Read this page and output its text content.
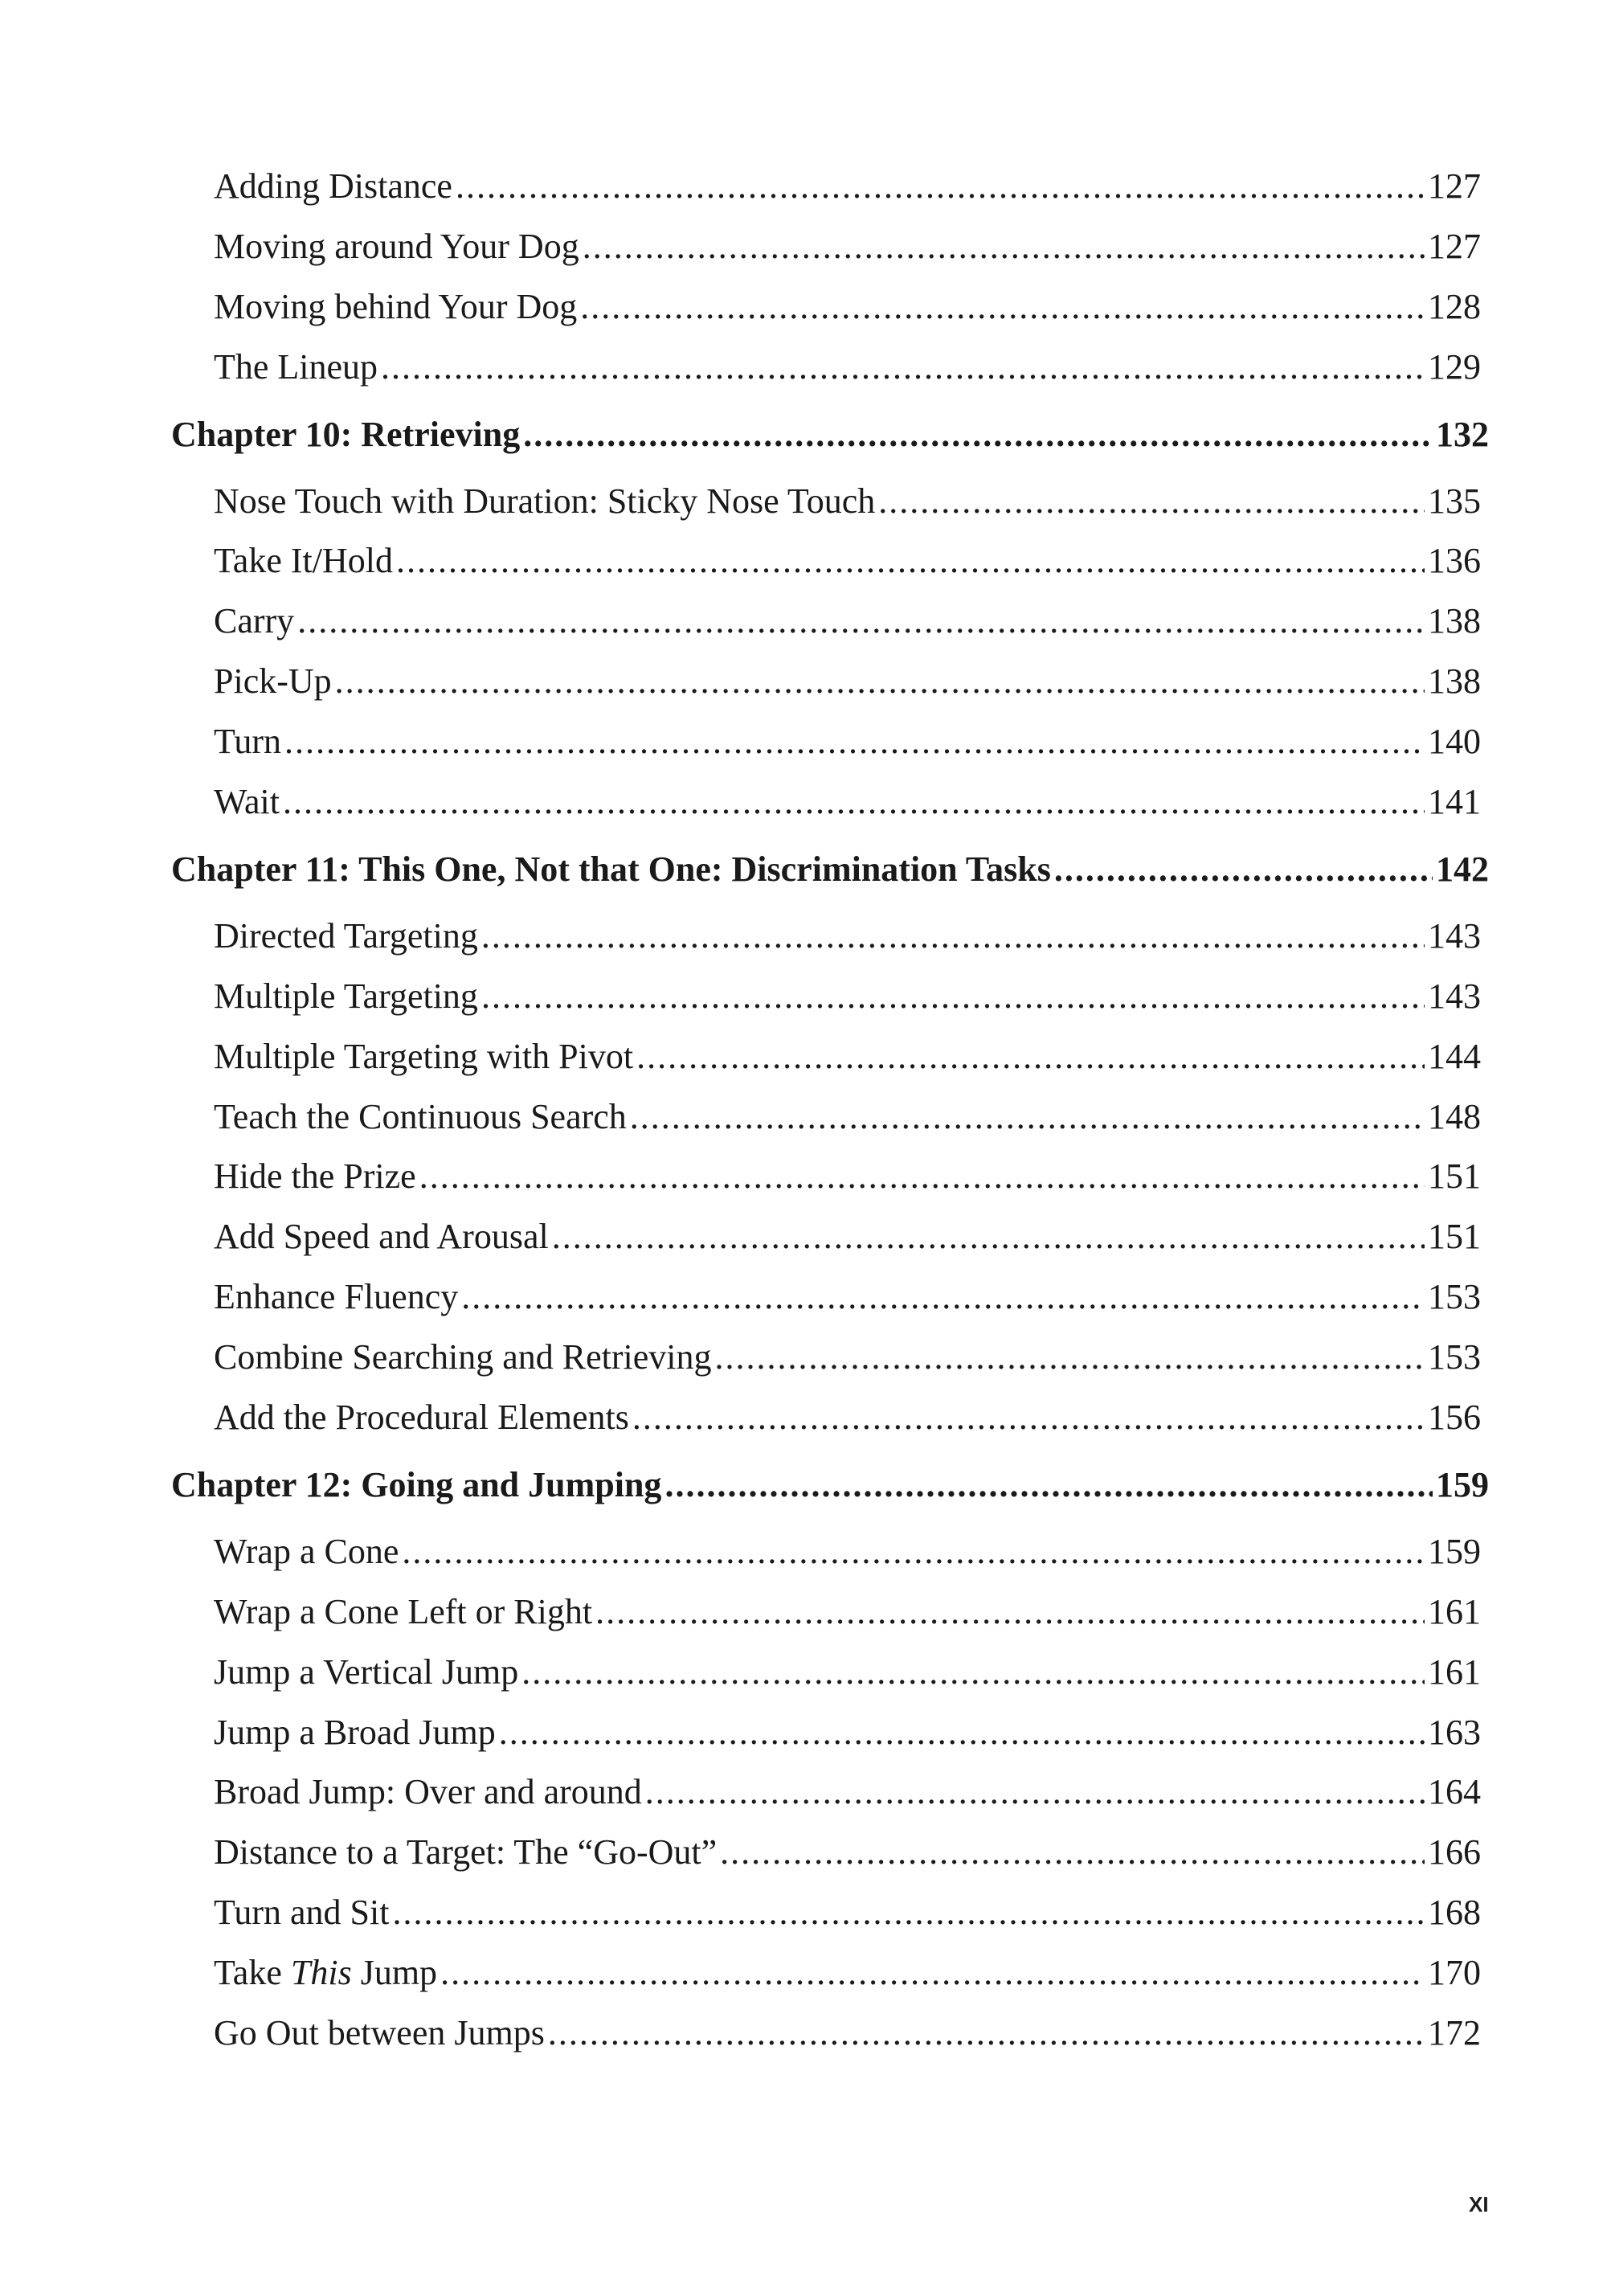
Adding Distance .....	127
Moving around Your Dog .....	127
Moving behind Your Dog .....	128
The Lineup .....	129
Chapter 10: Retrieving .....	132
Nose Touch with Duration: Sticky Nose Touch .....	135
Take It/Hold .....	136
Carry .....	138
Pick-Up .....	138
Turn .....	140
Wait .....	141
Chapter 11: This One, Not that One: Discrimination Tasks .....	142
Directed Targeting .....	143
Multiple Targeting .....	143
Multiple Targeting with Pivot .....	144
Teach the Continuous Search .....	148
Hide the Prize .....	151
Add Speed and Arousal .....	151
Enhance Fluency .....	153
Combine Searching and Retrieving .....	153
Add the Procedural Elements .....	156
Chapter 12: Going and Jumping .....	159
Wrap a Cone .....	159
Wrap a Cone Left or Right .....	161
Jump a Vertical Jump .....	161
Jump a Broad Jump .....	163
Broad Jump: Over and around .....	164
Distance to a Target: The “Go-Out” .....	166
Turn and Sit .....	168
Take This Jump .....	170
Go Out between Jumps .....	172
XI
